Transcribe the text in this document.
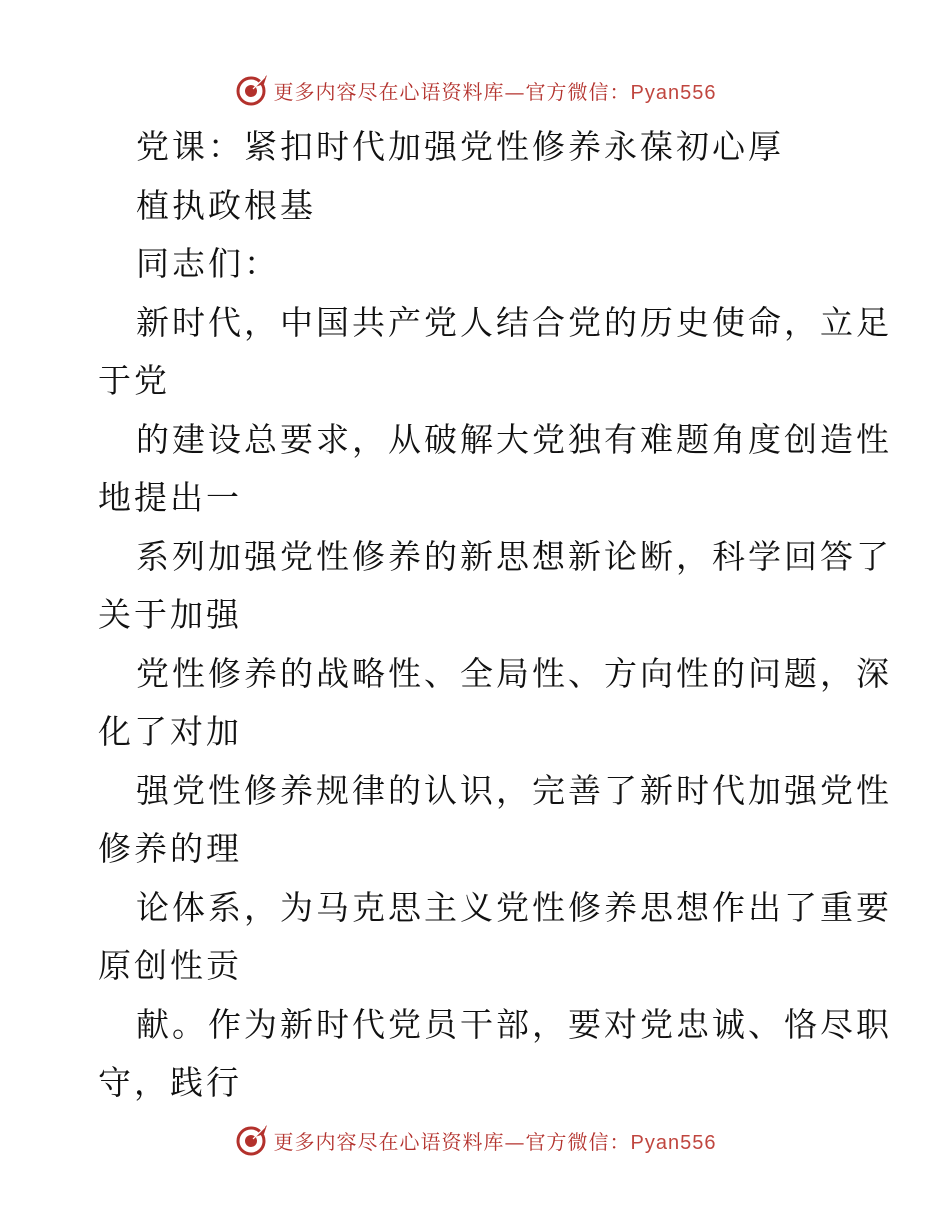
更多内容尽在心语资料库—官方微信：Pyan556
党课：紧扣时代加强党性修养永葆初心厚
植执政根基
同志们：
新时代，中国共产党人结合党的历史使命，立足
于党
的建设总要求，从破解大党独有难题角度创造性
地提出一
系列加强党性修养的新思想新论断，科学回答了
关于加强
党性修养的战略性、全局性、方向性的问题，深
化了对加
强党性修养规律的认识，完善了新时代加强党性
修养的理
论体系，为马克思主义党性修养思想作出了重要
原创性贡
献。作为新时代党员干部，要对党忠诚、恪尽职
守，践行
更多内容尽在心语资料库—官方微信：Pyan556
